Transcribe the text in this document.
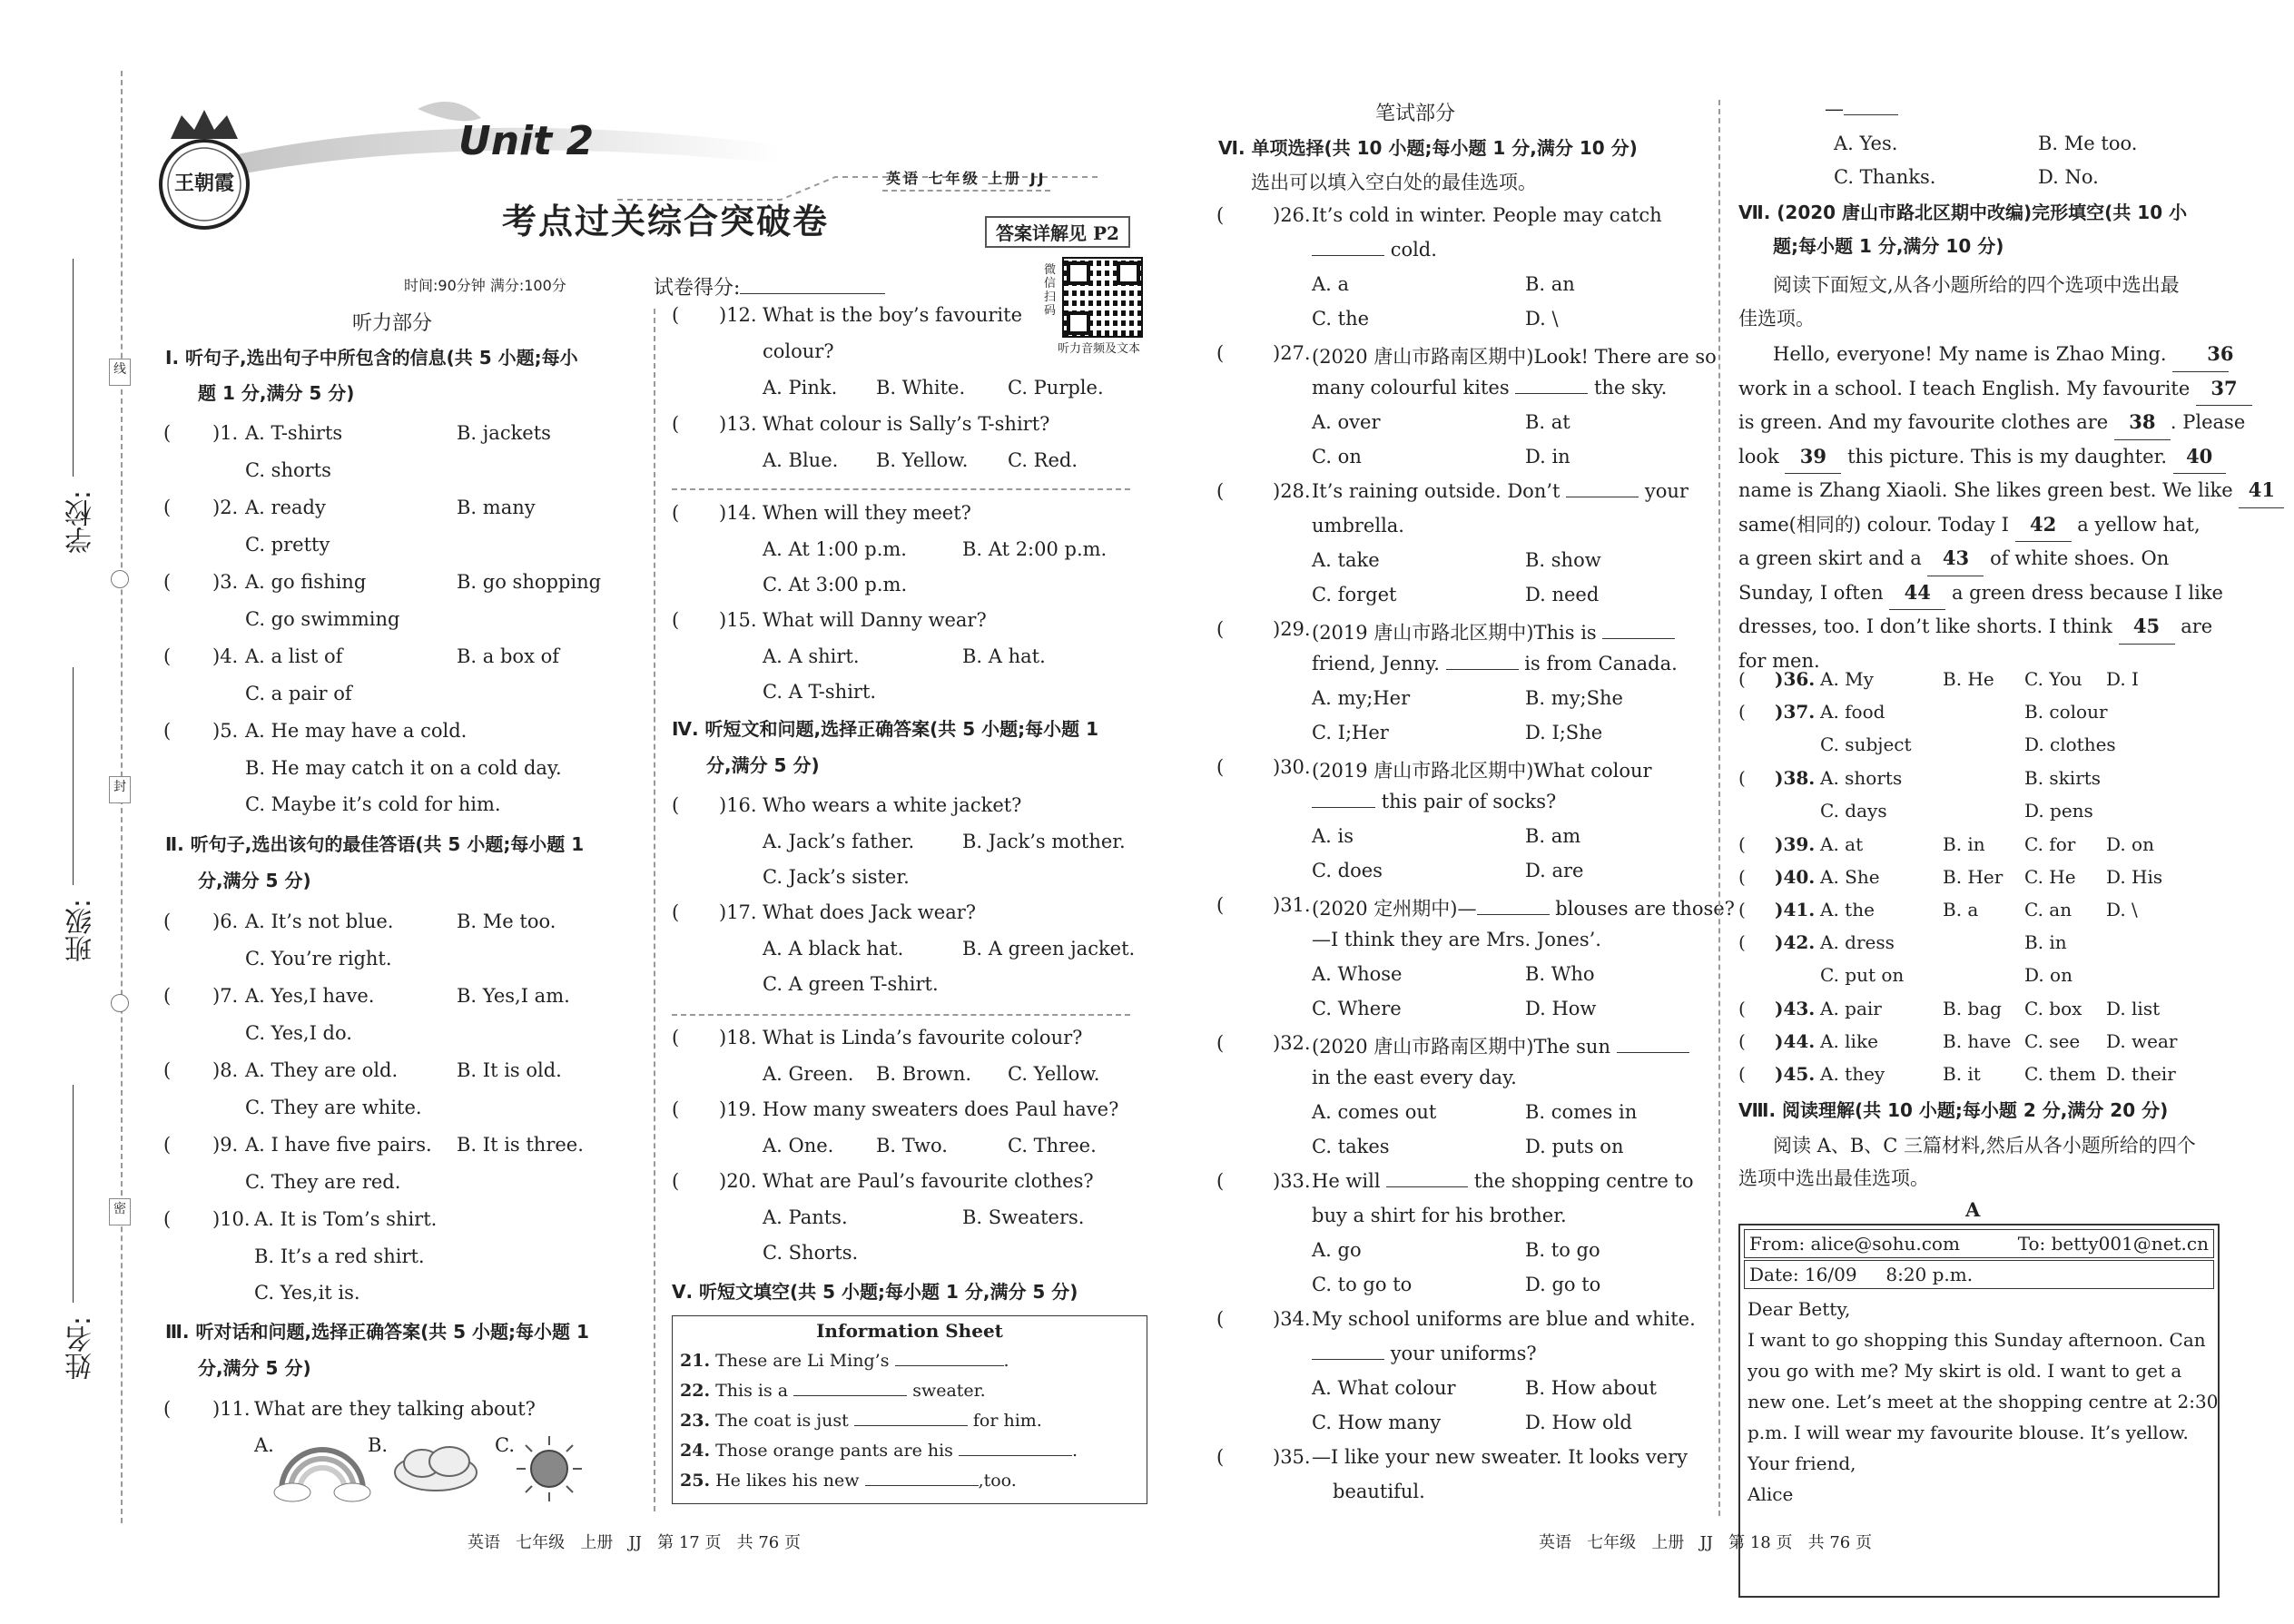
线
封
密
学校:
班级:
姓名:
王朝霞
Unit 2
考点过关综合突破卷
英语 七年级 上册 JJ
答案详解见 P2
微信扫码
听力音频及文本
时间:90分钟 满分:100分	试卷得分:
听力部分
Ⅰ. 听句子,选出句子中所包含的信息(共 5 小题;每小
题 1 分,满分 5 分)
( )1. A. T-shirts	B. jackets
C. shorts
( )2. A. ready	B. many
C. pretty
( )3. A. go fishing	B. go shopping
C. go swimming
( )4. A. a list of	B. a box of
C. a pair of
( )5. A. He may have a cold.
B. He may catch it on a cold day.
C. Maybe it’s cold for him.
Ⅱ. 听句子,选出该句的最佳答语(共 5 小题;每小题 1
分,满分 5 分)
( )6. A. It’s not blue.	B. Me too.
C. You’re right.
( )7. A. Yes,I have.	B. Yes,I am.
C. Yes,I do.
( )8. A. They are old.	B. It is old.
C. They are white.
( )9. A. I have five pairs. B. It is three.
C. They are red.
( )10. A. It is Tom’s shirt.
B. It’s a red shirt.
C. Yes,it is.
Ⅲ. 听对话和问题,选择正确答案(共 5 小题;每小题 1
分,满分 5 分)
( )11. What are they talking about?
A.	B.	C.
( )12. What is the boy’s favourite
colour?
A. Pink. B. White. C. Purple.
( )13. What colour is Sally’s T-shirt?
A. Blue. B. Yellow. C. Red.
( )14. When will they meet?
A. At 1:00 p.m.	B. At 2:00 p.m.
C. At 3:00 p.m.
( )15. What will Danny wear?
A. A shirt.	B. A hat.
C. A T-shirt.
Ⅳ. 听短文和问题,选择正确答案(共 5 小题;每小题 1
分,满分 5 分)
( )16. Who wears a white jacket?
A. Jack’s father.	B. Jack’s mother.
C. Jack’s sister.
( )17. What does Jack wear?
A. A black hat.	B. A green jacket.
C. A green T-shirt.
( )18. What is Linda’s favourite colour?
A. Green. B. Brown. C. Yellow.
( )19. How many sweaters does Paul have?
A. One. B. Two.	C. Three.
( )20. What are Paul’s favourite clothes?
A. Pants.	B. Sweaters.
C. Shorts.
Ⅴ. 听短文填空(共 5 小题;每小题 1 分,满分 5 分)
Information Sheet
21. These are Li Ming’s	.
22. This is a	sweater.
23. The coat is just	for him.
24. Those orange pants are his	.
25. He likes his new	,too.
笔试部分
Ⅵ. 单项选择(共 10 小题;每小题 1 分,满分 10 分)
选出可以填入空白处的最佳选项。
(	)26. It’s cold in winter. People may catch
cold.
A. a	B. an
C. the	D. \
(	)27. (2020 唐山市路南区期中)Look! There are so
many colourful kites	the sky.
A. over	B. at
C. on	D. in
(	)28. It’s raining outside. Don’t	your
umbrella.
A. take	B. show
C. forget	D. need
(	)29. (2019 唐山市路北区期中)This is
friend, Jenny.	is from Canada.
A. my;Her	B. my;She
C. I;Her	D. I;She
(	)30. (2019 唐山市路北区期中)What colour
this pair of socks?
A. is	B. am
C. does	D. are
(	)31. (2020 定州期中)—	blouses are those?
—I think they are Mrs. Jones’.
A. Whose	B. Who
C. Where	D. How
(	)32. (2020 唐山市路南区期中)The sun
in the east every day.
A. comes out	B. comes in
C. takes	D. puts on
(	)33. He will	the shopping centre to
buy a shirt for his brother.
A. go	B. to go
C. to go to	D. go to
(	)34. My school uniforms are blue and white.
your uniforms?
A. What colour	B. How about
C. How many	D. How old
(	)35. —I like your new sweater. It looks very
beautiful.
—
A. Yes.	B. Me too.
C. Thanks.	D. No.
Ⅶ. (2020 唐山市路北区期中改编)完形填空(共 10 小
题;每小题 1 分,满分 10 分)
阅读下面短文,从各小题所给的四个选项中选出最
佳选项。
Hello, everyone! My name is Zhao Ming. 36
work in a school. I teach English. My favourite 37
is green. And my favourite clothes are 38 . Please
look 39 this picture. This is my daughter. 40
name is Zhang Xiaoli. She likes green best. We like 41
same(相同的) colour. Today I 42 a yellow hat,
a green skirt and a 43 of white shoes. On
Sunday, I often 44 a green dress because I like
dresses, too. I don’t like shorts. I think 45 are
for men.
( )36. A. My	B. He C. You D. I
( )37. A. food	B. colour
C. subject	D. clothes
( )38. A. shorts	B. skirts
C. days	D. pens
( )39. A. at	B. in C. for D. on
( )40. A. She	B. Her C. He D. His
( )41. A. the	B. a	C. an D. \
( )42. A. dress	B. in
C. put on	D. on
( )43. A. pair	B. bag C. box D. list
( )44. A. like	B. have C. see D. wear
( )45. A. they	B. it C. them D. their
Ⅷ. 阅读理解(共 10 小题;每小题 2 分,满分 20 分)
阅读 A、B、C 三篇材料,然后从各小题所给的四个
选项中选出最佳选项。
A
From: alice@sohu.com	To: betty001@net.cn
Date: 16/09     8:20 p.m.
Dear Betty,
I want to go shopping this Sunday afternoon. Can
you go with me? My skirt is old. I want to get a
new one. Let’s meet at the shopping centre at 2:30
p.m. I will wear my favourite blouse. It’s yellow.
Your friend,
Alice
英语   七年级   上册   JJ   第 17 页   共 76 页	英语   七年级   上册   JJ   第 18 页   共 76 页
